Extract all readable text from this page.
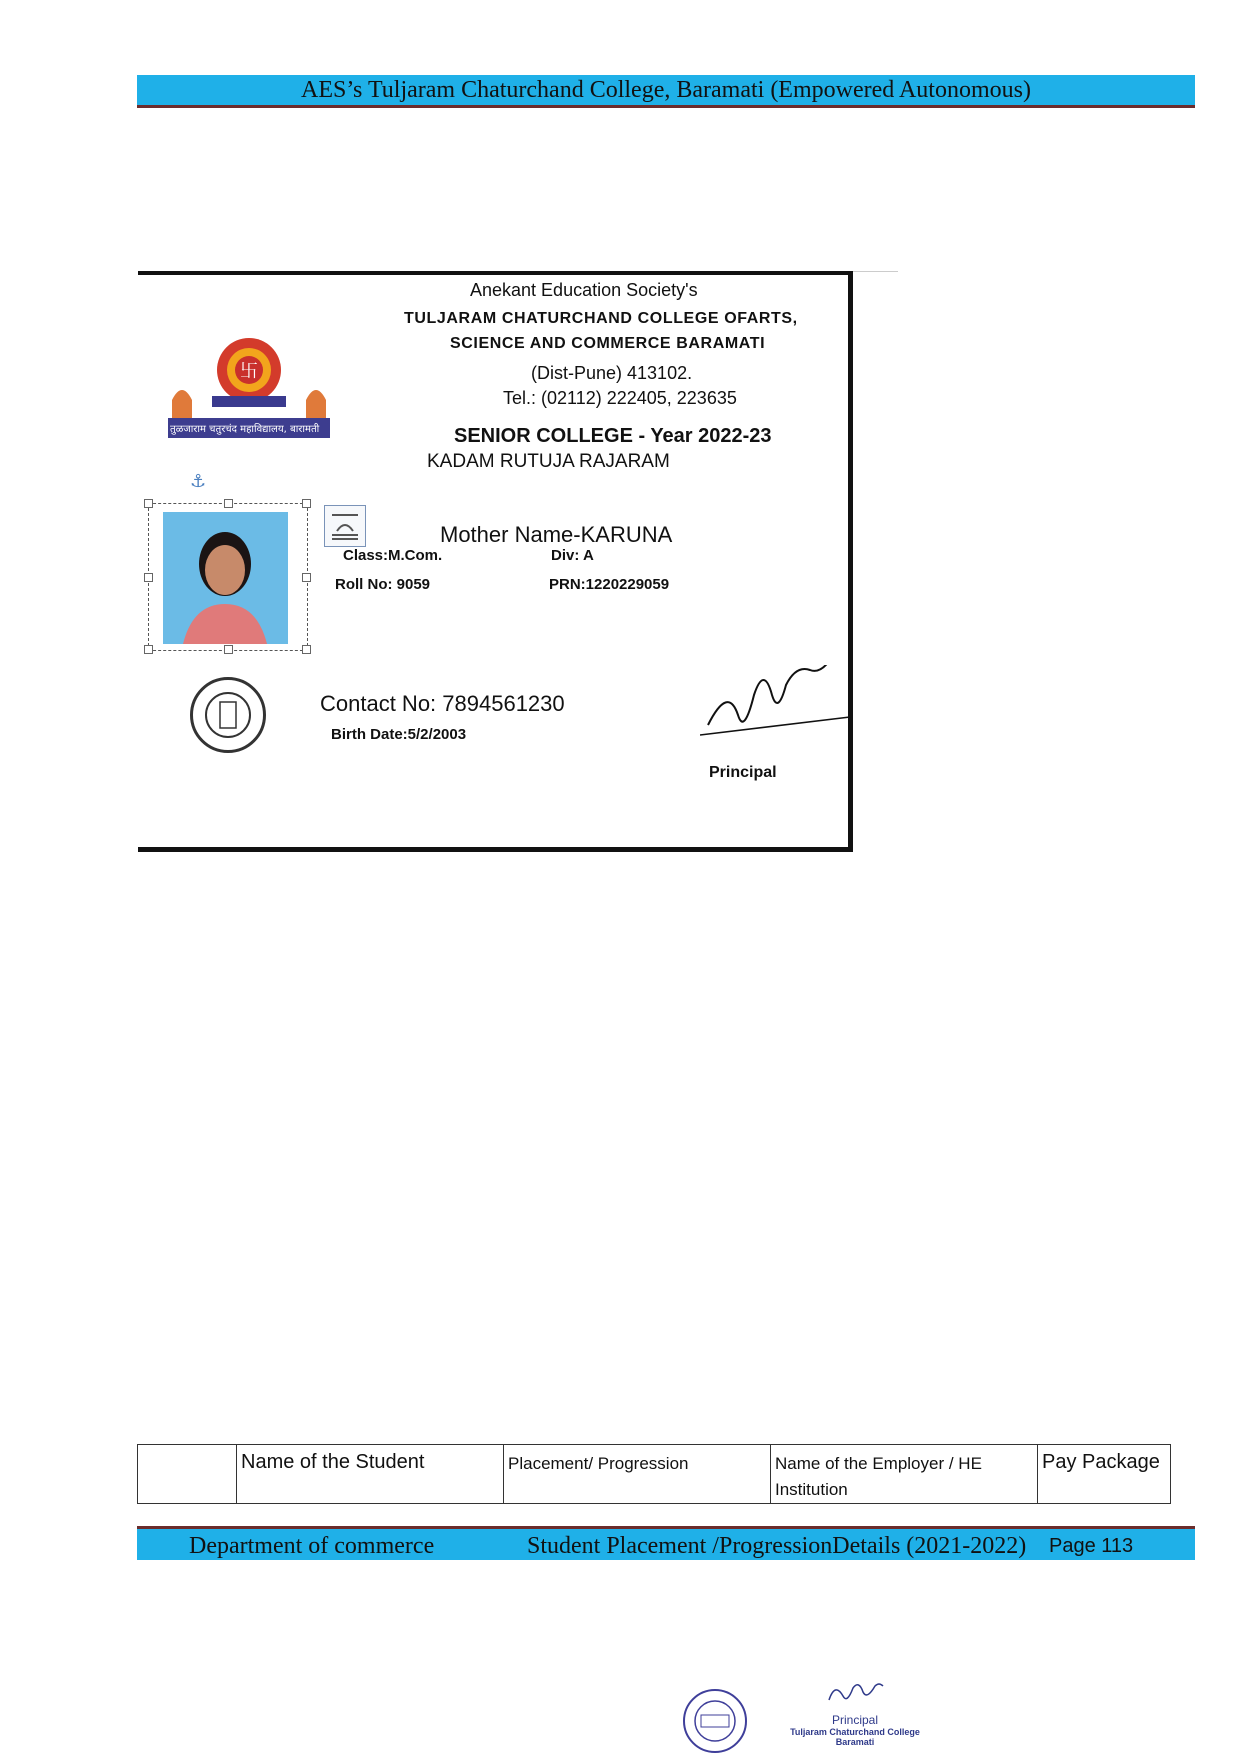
AES’s Tuljaram Chaturchand College, Baramati (Empowered Autonomous)
Anekant Education Society's
TULJARAM CHATURCHAND COLLEGE OFARTS,
SCIENCE AND COMMERCE BARAMATI
(Dist-Pune) 413102.
Tel.: (02112) 222405, 223635
SENIOR COLLEGE - Year 2022-23
KADAM RUTUJA RAJARAM
Mother Name-KARUNA
Class:M.Com.	Div: A
Roll No: 9059	PRN:1220229059
Contact No: 7894561230
Birth Date:5/2/2003
Principal
卐
तुळजाराम चतुरचंद महाविद्यालय, बारामती
⚓
	Name of the Student	Placement/ Progression	Name of the Employer / HE Institution	Pay Package
Department of commerce	Student Placement /ProgressionDetails (2021-2022) Page 113
Principal
Tuljaram Chaturchand College
Baramati
